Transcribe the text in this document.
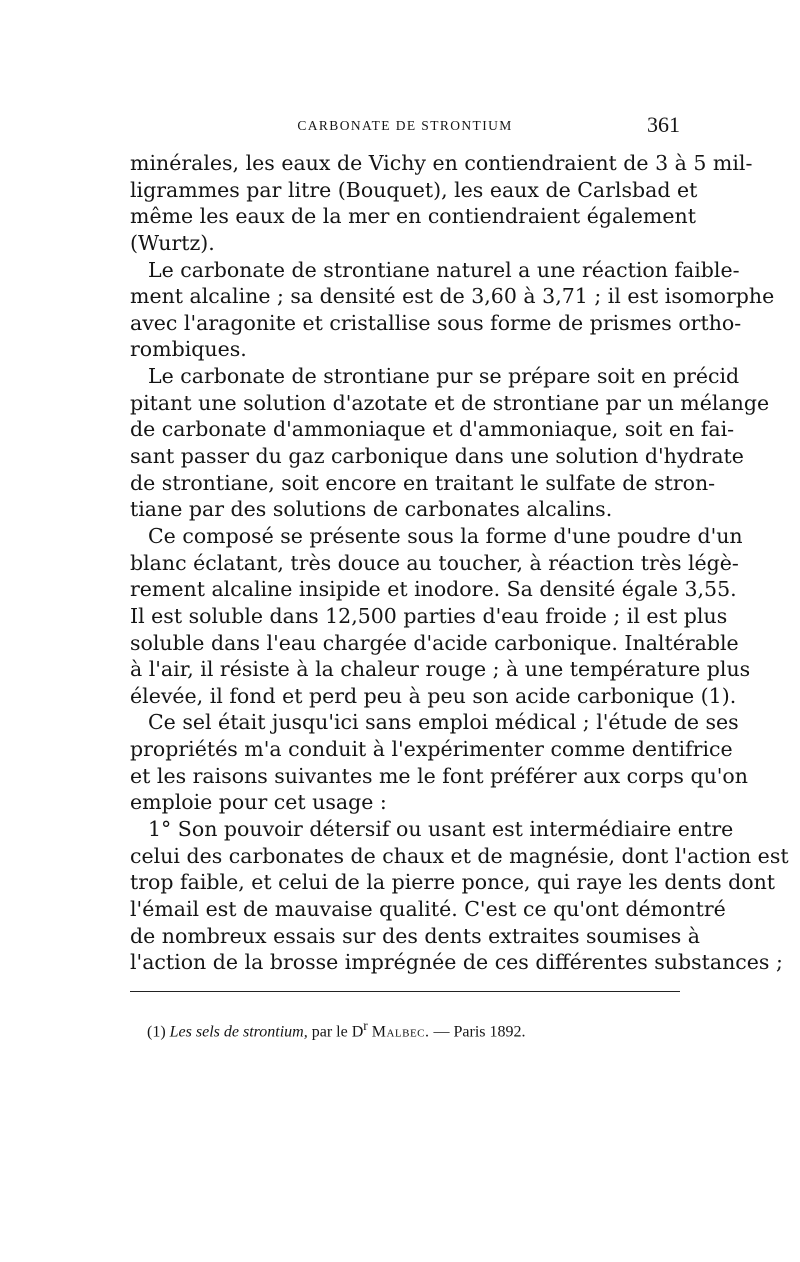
CARBONATE DE STRONTIUM	361
minérales, les eaux de Vichy en contiendraient de 3 à 5 mil-
ligrammes par litre (Bouquet), les eaux de Carlsbad et
même les eaux de la mer en contiendraient également
(Wurtz).
Le carbonate de strontiane naturel a une réaction faible-
ment alcaline ; sa densité est de 3,60 à 3,71 ; il est isomorphe
avec l'aragonite et cristallise sous forme de prismes ortho-
rombiques.
Le carbonate de strontiane pur se prépare soit en précid
pitant une solution d'azotate et de strontiane par un mélange
de carbonate d'ammoniaque et d'ammoniaque, soit en fai-
sant passer du gaz carbonique dans une solution d'hydrate
de strontiane, soit encore en traitant le sulfate de stron-
tiane par des solutions de carbonates alcalins.
Ce composé se présente sous la forme d'une poudre d'un
blanc éclatant, très douce au toucher, à réaction très légè-
rement alcaline insipide et inodore. Sa densité égale 3,55.
Il est soluble dans 12,500 parties d'eau froide ; il est plus
soluble dans l'eau chargée d'acide carbonique. Inaltérable
à l'air, il résiste à la chaleur rouge ; à une température plus
élevée, il fond et perd peu à peu son acide carbonique (1).
Ce sel était jusqu'ici sans emploi médical ; l'étude de ses
propriétés m'a conduit à l'expérimenter comme dentifrice
et les raisons suivantes me le font préférer aux corps qu'on
emploie pour cet usage :
1° Son pouvoir détersif ou usant est intermédiaire entre
celui des carbonates de chaux et de magnésie, dont l'action est
trop faible, et celui de la pierre ponce, qui raye les dents dont
l'émail est de mauvaise qualité. C'est ce qu'ont démontré
de nombreux essais sur des dents extraites soumises à
l'action de la brosse imprégnée de ces différentes substances ;
(1) Les sels de strontium, par le $D^r$ Malbec. — Paris 1892.
